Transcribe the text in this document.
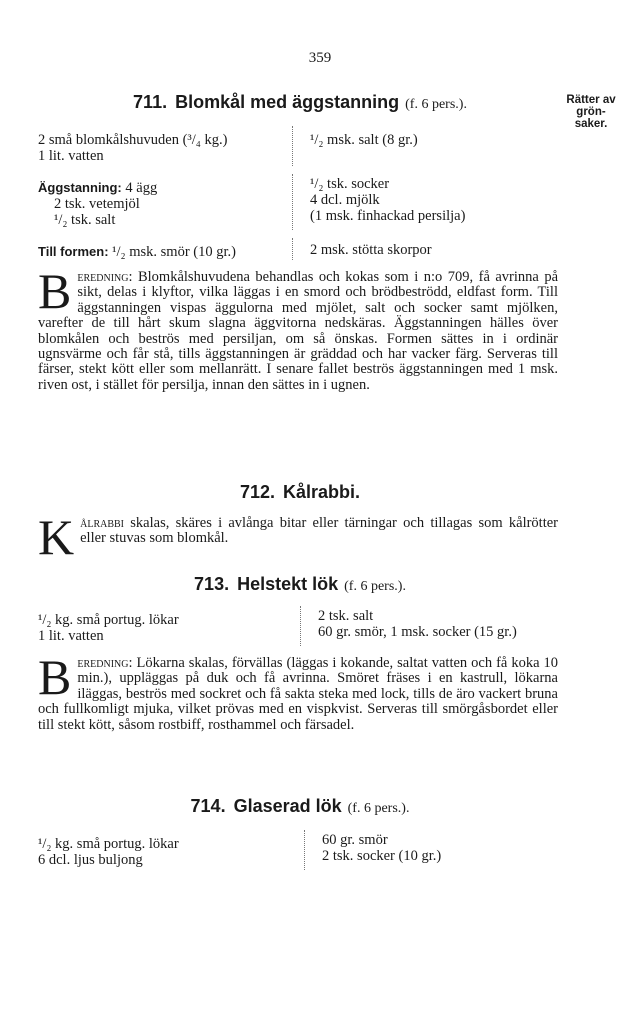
359
Rätter av
grön-
saker.
711. Blomkål med äggstanning (f. 6 pers.).
2 små blomkålshuvuden (³/₄ kg.)
1 lit. vatten
¹/₂ msk. salt (8 gr.)
Äggstanning: 4 ägg
2 tsk. vetemjöl
¹/₂ tsk. salt
¹/₂ tsk. socker
4 dcl. mjölk
(1 msk. finhackad persilja)
Till formen: ¹/₂ msk. smör (10 gr.)	2 msk. stötta skorpor
Beredning: Blomkålshuvudena behandlas och kokas som i n:o 709, få avrinna på sikt, delas i klyftor, vilka läggas i en smord och brödbeströdd, eldfast form. Till äggstanningen vispas äggulorna med mjölet, salt och socker samt mjölken, varefter de till hårt skum slagna äggvitorna nedskäras. Äggstanningen hälles över blomkålen och beströs med persiljan, om så önskas. Formen sättes in i ordinär ugnsvärme och får stå, tills äggstanningen är gräddad och har vacker färg. Serveras till färser, stekt kött eller som mellanrätt. I senare fallet beströs äggstanningen med 1 msk. riven ost, i stället för persilja, innan den sättes in i ugnen.
712. Kålrabbi.
Kålrabbi skalas, skäres i avlånga bitar eller tärningar och tillagas som kålrötter eller stuvas som blomkål.
713. Helstekt lök (f. 6 pers.).
¹/₂ kg. små portug. lökar
1 lit. vatten
2 tsk. salt
60 gr. smör, 1 msk. socker (15 gr.)
Beredning: Lökarna skalas, förvällas (läggas i kokande, saltat vatten och få koka 10 min.), uppläggas på duk och få avrinna. Smöret fräses i en kastrull, lökarna iläggas, beströs med sockret och få sakta steka med lock, tills de äro vackert bruna och fullkomligt mjuka, vilket prövas med en vispkvist. Serveras till smörgåsbordet eller till stekt kött, såsom rostbiff, rosthammel och färsadel.
714. Glaserad lök (f. 6 pers.).
¹/₂ kg. små portug. lökar
6 dcl. ljus buljong
60 gr. smör
2 tsk. socker (10 gr.)
